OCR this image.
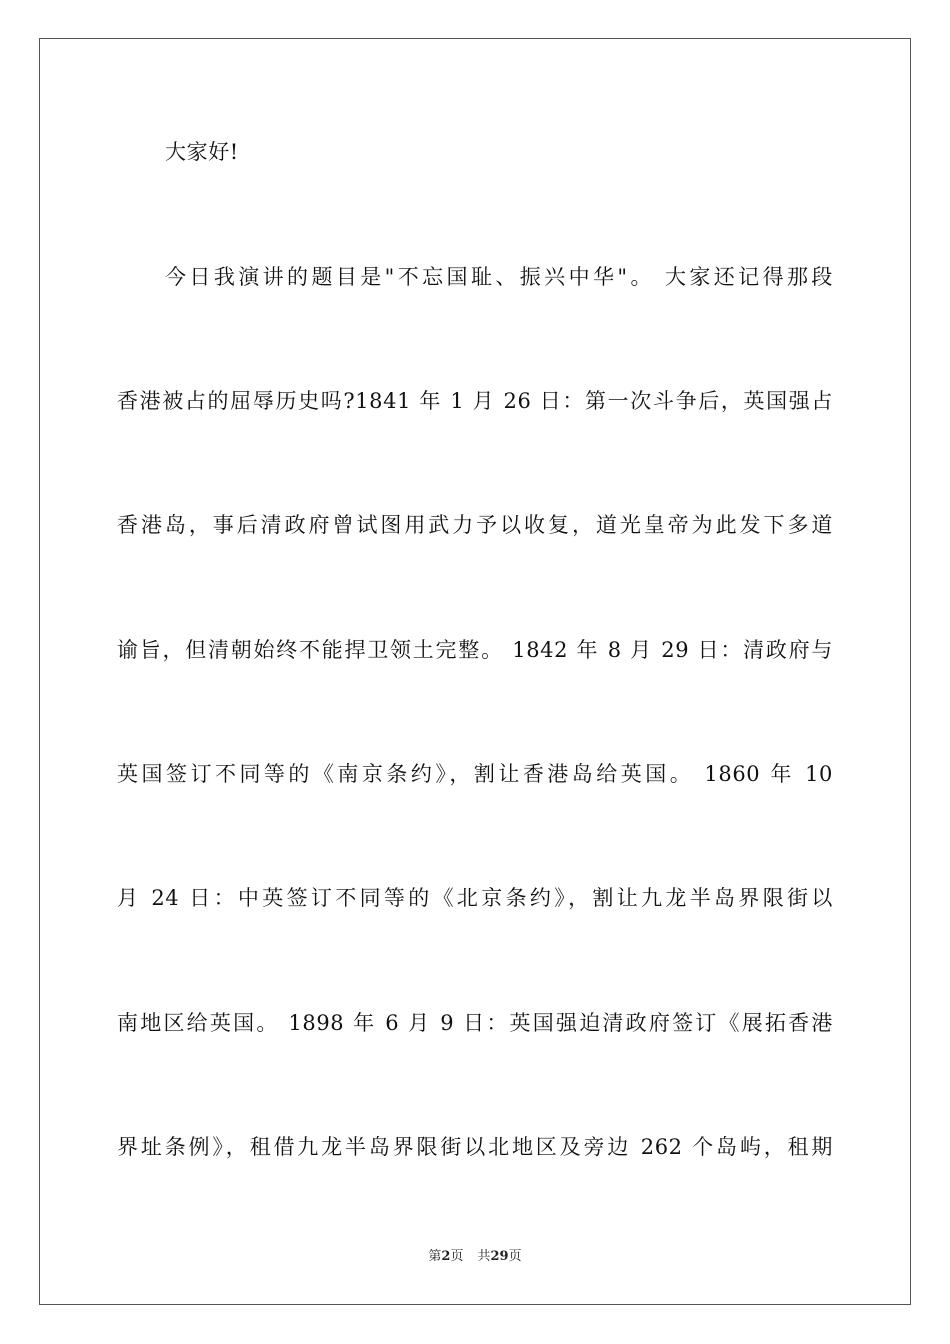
大家好!
今日我演讲的题目是"不忘国耻、振兴中华"。 大家还记得那段
香港被占的屈辱历史吗?1841 年 1 月 26 日：第一次斗争后，英国强占
香港岛，事后清政府曾试图用武力予以收复，道光皇帝为此发下多道
谕旨，但清朝始终不能捍卫领土完整。 1842 年 8 月 29 日：清政府与
英国签订不同等的《南京条约》，割让香港岛给英国。 1860 年 10
月 24 日：中英签订不同等的《北京条约》，割让九龙半岛界限街以
南地区给英国。 1898 年 6 月 9 日：英国强迫清政府签订《展拓香港
界址条例》，租借九龙半岛界限街以北地区及旁边 262 个岛屿，租期
第2页 共29页
